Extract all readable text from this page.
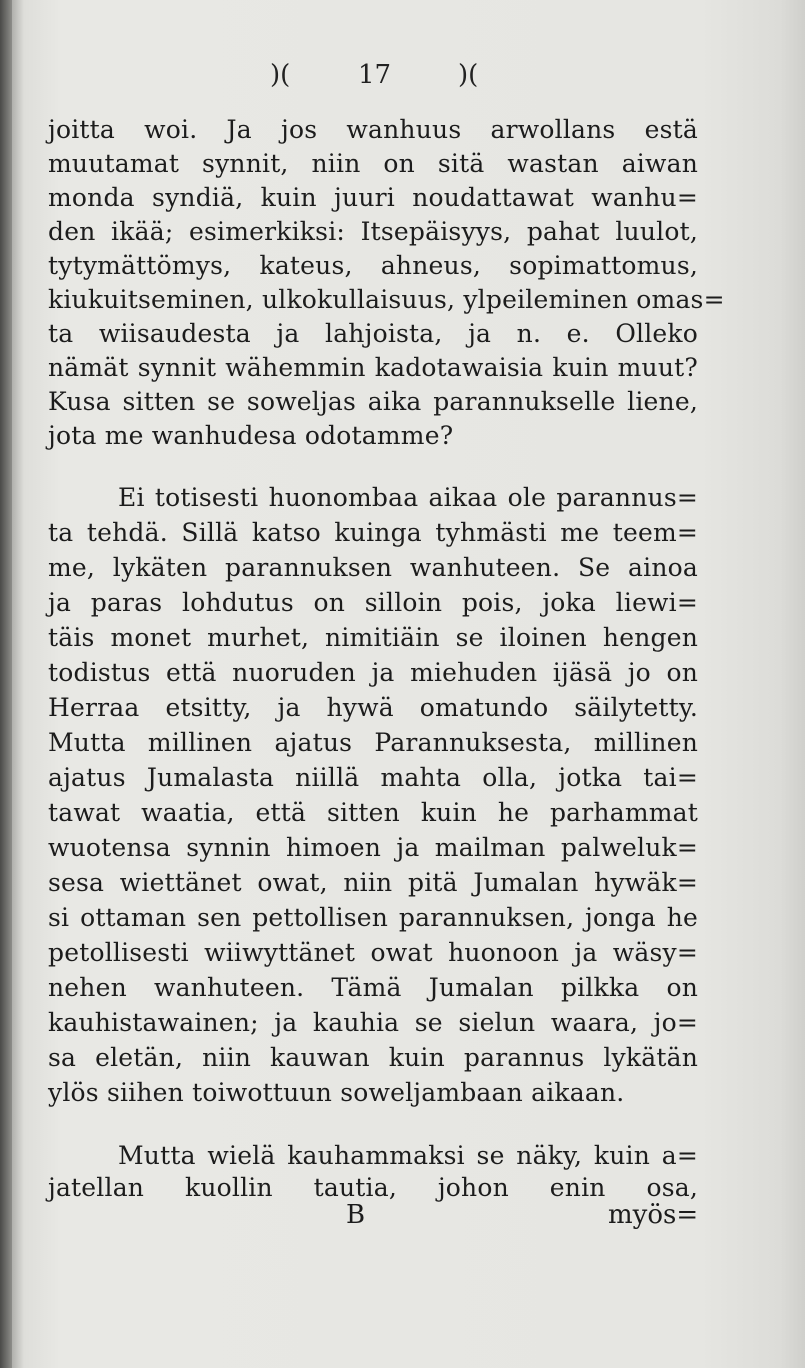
)(	17	)(
joitta woi. Ja jos wanhuus arwollans estä
muutamat synnit, niin on sitä wastan aiwan
monda syndiä, kuin juuri noudattawat wanhu=
den ikää; esimerkiksi: Itsepäisyys, pahat luulot,
tytymättömys, kateus, ahneus, sopimattomus,
kiukuitseminen, ulkokullaisuus, ylpeileminen omas=
ta wiisaudesta ja lahjoista, ja n. e. Olleko
nämät synnit wähemmin kadotawaisia kuin muut?
Kusa sitten se soweljas aika parannukselle liene,
jota me wanhudesa odotamme?
Ei totisesti huonombaa aikaa ole parannus=
ta tehdä. Sillä katso kuinga tyhmästi me teem=
me, lykäten parannuksen wanhuteen. Se ainoa
ja paras lohdutus on silloin pois, joka liewi=
täis monet murhet, nimitiäin se iloinen hengen
todistus että nuoruden ja miehuden ijäsä jo on
Herraa etsitty, ja hywä omatundo säilytetty.
Mutta millinen ajatus Parannuksesta, millinen
ajatus Jumalasta niillä mahta olla, jotka tai=
tawat waatia, että sitten kuin he parhammat
wuotensa synnin himoen ja mailman palweluk=
sesa wiettänet owat, niin pitä Jumalan hywäk=
si ottaman sen pettollisen parannuksen, jonga he
petollisesti wiiwyttänet owat huonoon ja wäsy=
nehen wanhuteen. Tämä Jumalan pilkka on
kauhistawainen; ja kauhia se sielun waara, jo=
sa eletän, niin kauwan kuin parannus lykätän
ylös siihen toiwottuun soweljambaan aikaan.
Mutta wielä kauhammaksi se näky, kuin a=
jatellan kuollin tautia, johon enin osa,
B	myös=
